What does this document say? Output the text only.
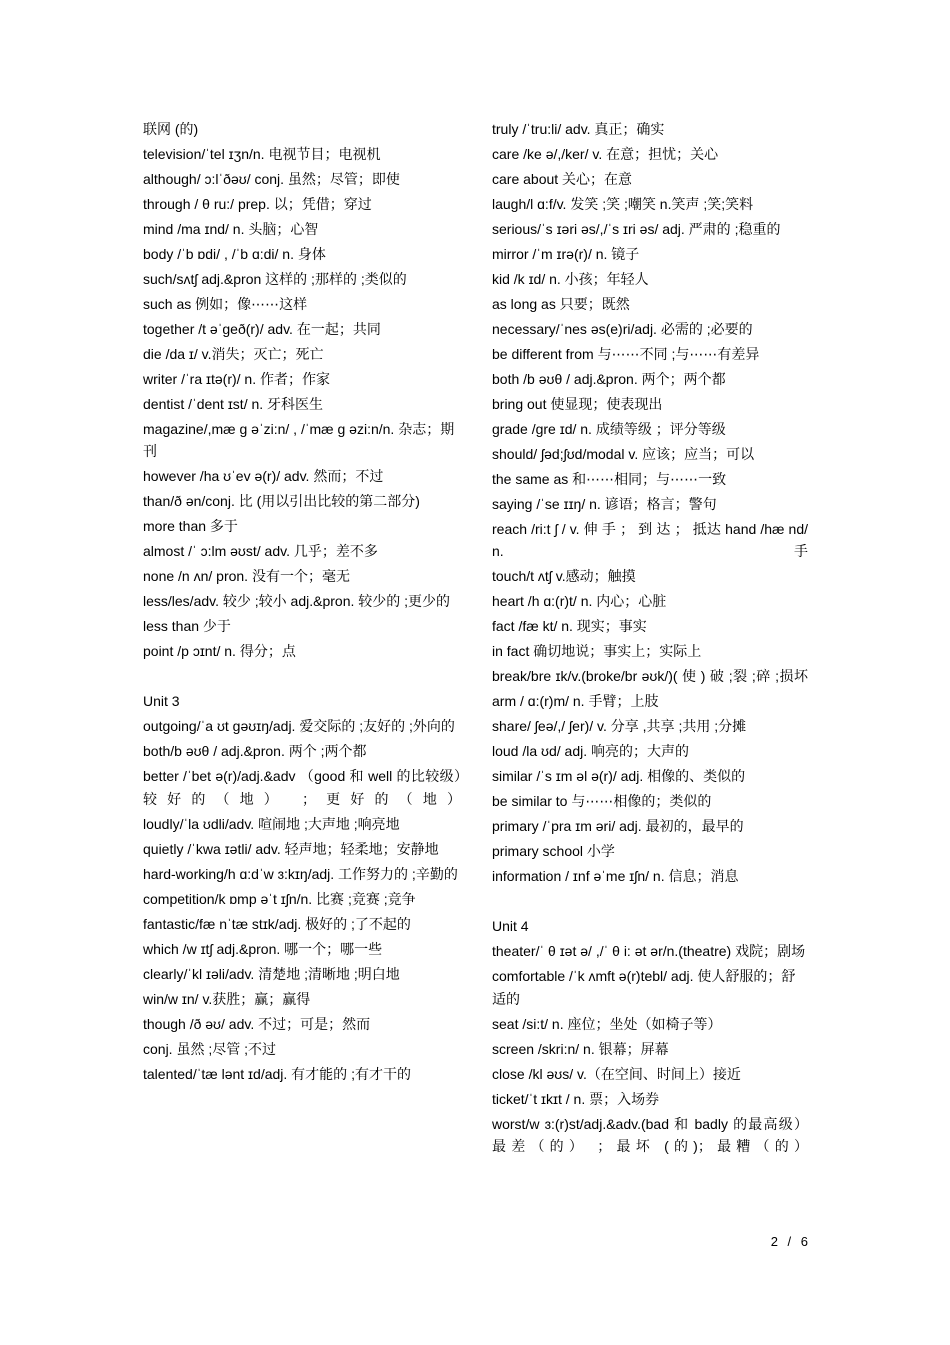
联网 (的)
television/ˈtel ɪʒn/n. 电视节目；电视机
although/ ɔ:lˈðəʊ/ conj. 虽然；尽管；即使
through / θ ru:/ prep. 以；凭借；穿过
mind /ma ɪnd/ n. 头脑；心智
body /ˈb ɒdi/ , /ˈb ɑ:di/ n. 身体
such/sʌtʃ adj.&pron 这样的 ;那样的 ;类似的
such as 例如；像⋯⋯这样
together /t əˈɡeð(r)/ adv. 在一起；共同
die /da ɪ/ v.消失；灭亡；死亡
writer /ˈra ɪtə(r)/ n. 作者；作家
dentist /ˈdent ɪst/ n. 牙科医生
magazine/,mæ ɡ əˈzi:n/ , /ˈmæ ɡ əzi:n/n. 杂志；期刊
however /ha ʊˈev ə(r)/ adv. 然而；不过
than/ð ən/conj. 比 (用以引出比较的第二部分)
more than 多于
almost /ˈ ɔ:lm əʊst/ adv. 几乎；差不多
none /n ʌn/ pron. 没有一个；毫无
less/les/adv. 较少 ;较小 adj.&pron. 较少的 ;更少的
less than 少于
point /p ɔɪnt/ n. 得分；点
Unit 3
outgoing/ˈa ʊt ɡəʊɪŋ/adj. 爱交际的 ;友好的 ;外向的
both/b əʊθ / adj.&pron. 两个 ;两个都
better /ˈbet ə(r)/adj.&adv （good 和 well 的比较级）较好的（地） ；更好的（地）
loudly/ˈla ʊdli/adv. 喧闹地 ;大声地 ;响亮地
quietly /ˈkwa ɪətli/ adv. 轻声地；轻柔地；安静地
hard-working/h ɑ:dˈw ɜ:kɪŋ/adj. 工作努力的 ;辛勤的
competition/k ɒmp əˈt ɪʃn/n. 比赛 ;竞赛 ;竞争
fantastic/fæ nˈtæ stɪk/adj. 极好的 ;了不起的
which /w ɪtʃ adj.&pron. 哪一个；哪一些
clearly/ˈkl ɪəli/adv. 清楚地 ;清晰地 ;明白地
win/w ɪn/ v.获胜；赢；赢得
though /ð əʊ/ adv. 不过；可是；然而
conj. 虽然 ;尽管 ;不过
talented/ˈtæ lənt ɪd/adj. 有才能的 ;有才干的
truly /ˈtru:li/ adv. 真正；确实
care /ke ə/,/ker/ v. 在意；担忧；关心
care about 关心；在意
laugh/l ɑ:f/v. 发笑 ;笑 ;嘲笑 n.笑声 ;笑;笑料
serious/ˈs ɪəri əs/,/ˈs ɪri əs/ adj. 严肃的 ;稳重的
mirror /ˈm ɪrə(r)/ n. 镜子
kid /k ɪd/ n. 小孩；年轻人
as long as 只要；既然
necessary/ˈnes əs(e)ri/adj. 必需的 ;必要的
be different from 与⋯⋯不同 ;与⋯⋯有差异
both /b əʊθ / adj.&pron. 两个；两个都
bring out 使显现；使表现出
grade /gre ɪd/ n. 成绩等级 ；评分等级
should/ ʃəd;ʃʊd/modal v. 应该；应当；可以
the same as 和⋯⋯相同；与⋯⋯一致
saying /ˈse ɪɪŋ/ n. 谚语；格言；警句
reach /ri:t ʃ / v. 伸 手 ； 到 达 ； 抵达 hand /hæ nd/ n. 手
touch/t ʌtʃ v.感动；触摸
heart /h ɑ:(r)t/ n. 内心；心脏
fact /fæ kt/ n. 现实；事实
in fact 确切地说；事实上；实际上
break/bre ɪk/v.(broke/br əʊk/)( 使 ) 破 ;裂 ;碎 ;损坏
arm / ɑ:(r)m/ n. 手臂；上肢
share/ ʃeə/,/ ʃer)/ v. 分享 ,共享 ;共用 ;分摊
loud /la ʊd/ adj. 响亮的；大声的
similar /ˈs ɪm əl ə(r)/ adj. 相像的、类似的
be similar to 与⋯⋯相像的；类似的
primary /ˈpra ɪm əri/ adj. 最初的，最早的
primary school 小学
information / ɪnf əˈme ɪʃn/ n. 信息；消息
Unit 4
theater/ˈ θ ɪət ə/ ,/ˈ θ i: ət ər/n.(theatre) 戏院；剧场
comfortable /ˈk ʌmft ə(r)tebl/ adj. 使人舒服的；舒适的
seat /si:t/ n. 座位；坐处（如椅子等）
screen /skri:n/ n. 银幕；屏幕
close /kl əʊs/ v.（在空间、时间上）接近
ticket/ˈt ɪkɪt / n. 票；入场券
worst/w ɜ:(r)st/adj.&adv.(bad 和 badly 的最高级）最差（的） ；最坏 (的)；最糟（的）
2 / 6
